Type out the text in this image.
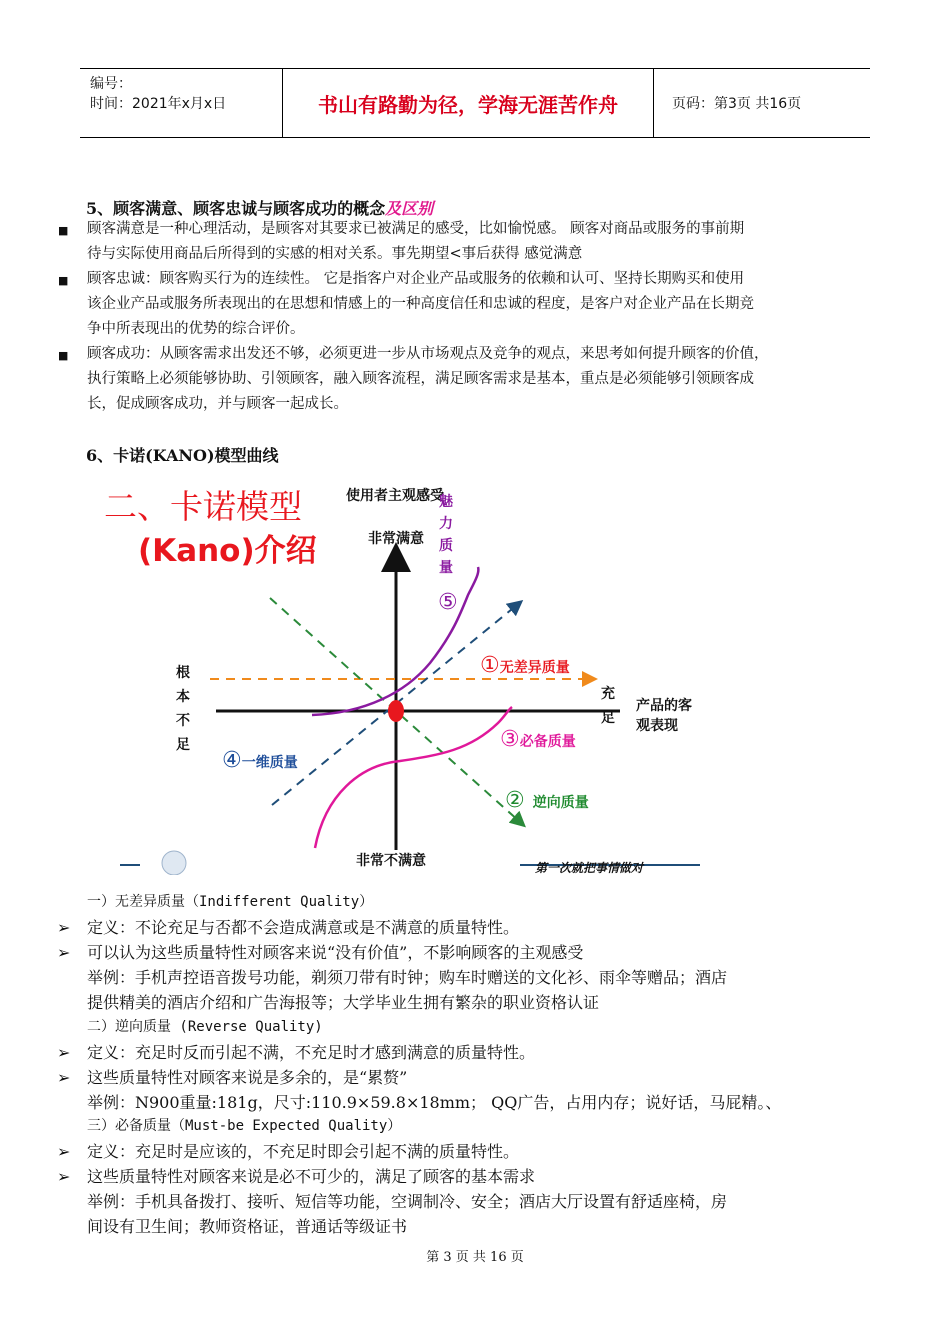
编号：
时间：2021年x月x日	书山有路勤为径，学海无涯苦作舟	页码：第3页 共16页
5、顾客满意、顾客忠诚与顾客成功的概念及区别
■ 顾客满意是一种心理活动，是顾客对其要求已被满足的感受，比如愉悦感。 顾客对商品或服务的事前期
待与实际使用商品后所得到的实感的相对关系。事先期望<事后获得 感觉满意
■ 顾客忠诚：顾客购买行为的连续性。 它是指客户对企业产品或服务的依赖和认可、坚持长期购买和使用
该企业产品或服务所表现出的在思想和情感上的一种高度信任和忠诚的程度，是客户对企业产品在长期竞
争中所表现出的优势的综合评价。
■ 顾客成功：从顾客需求出发还不够，必须更进一步从市场观点及竞争的观点，来思考如何提升顾客的价值，
执行策略上必须能够协助、引领顾客，融入顾客流程，满足顾客需求是基本，重点是必须能够引领顾客成
长，促成顾客成功，并与顾客一起成长。
6、卡诺(KANO)模型曲线
二、卡诺模型
(Kano)介绍
使用者主观感受
非常满意
非常不满意
根
本
不
足
充
足
产品的客观表现
魅
力
质
量
⑤
①无差异质量
③必备质量
④一维质量
② 逆向质量
第一次就把事情做对
一）无差异质量（Indifferent Quality）
➢ 定义：不论充足与否都不会造成满意或是不满意的质量特性。
➢ 可以认为这些质量特性对顾客来说“没有价值”，不影响顾客的主观感受
举例：手机声控语音拨号功能，剃须刀带有时钟；购车时赠送的文化衫、雨伞等赠品；酒店
提供精美的酒店介绍和广告海报等；大学毕业生拥有繁杂的职业资格认证
二）逆向质量 (Reverse Quality)
➢ 定义：充足时反而引起不满，不充足时才感到满意的质量特性。
➢ 这些质量特性对顾客来说是多余的，是“累赘”
举例：N900重量:181g，尺寸:110.9×59.8×18mm； QQ广告，占用内存；说好话，马屁精。、
三）必备质量（Must-be Expected Quality）
➢ 定义：充足时是应该的，不充足时即会引起不满的质量特性。
➢ 这些质量特性对顾客来说是必不可少的，满足了顾客的基本需求
举例：手机具备拨打、接听、短信等功能，空调制冷、安全；酒店大厅设置有舒适座椅，房
间设有卫生间；教师资格证，普通话等级证书
第 3 页 共 16 页
